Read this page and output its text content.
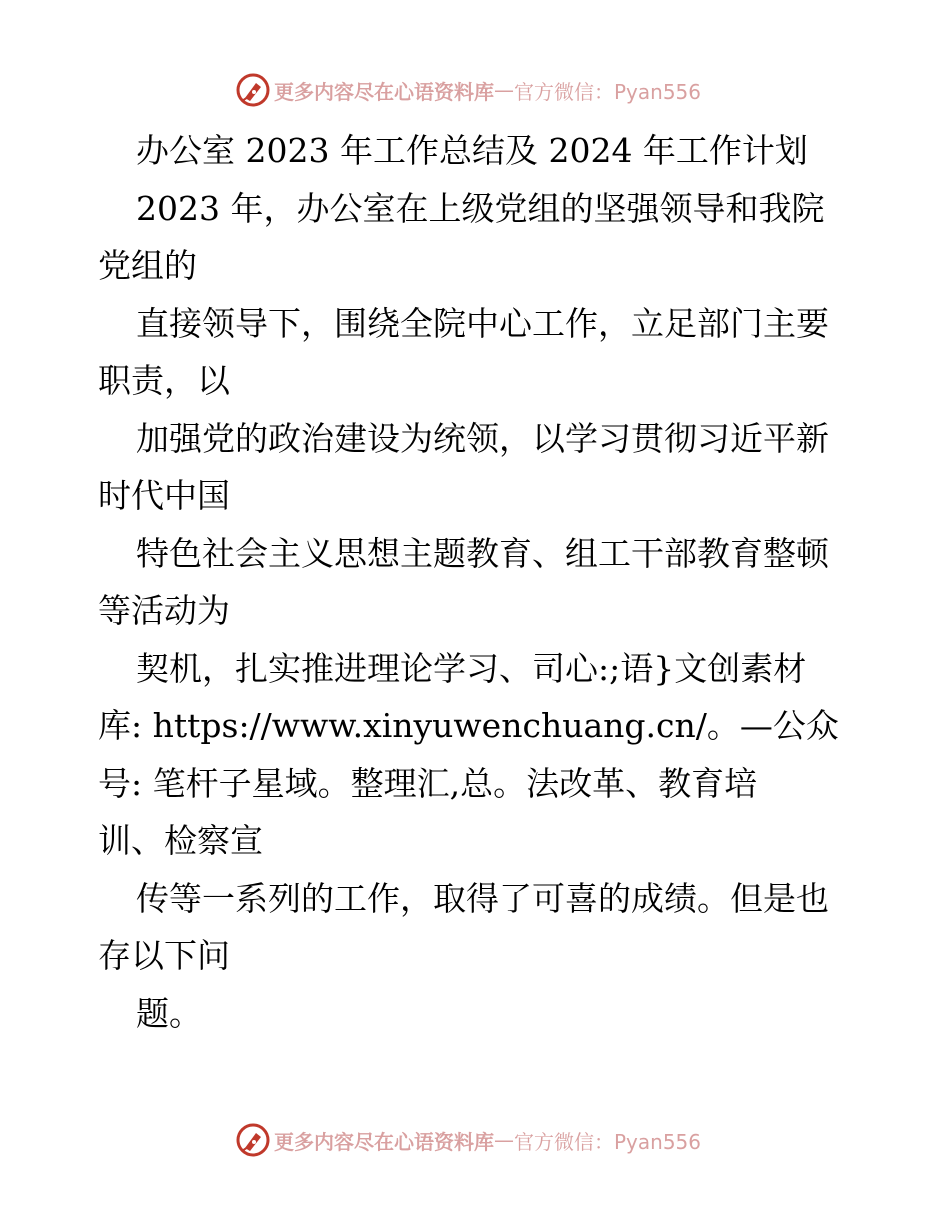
更多内容尽在心语资料库 — 官方微信：Pyan556
办公室 2023 年工作总结及 2024 年工作计划
2023 年，办公室在上级党组的坚强领导和我院
党组的
直接领导下，围绕全院中心工作，立足部门主要
职责，以
加强党的政治建设为统领，以学习贯彻习近平新
时代中国
特色社会主义思想主题教育、组工干部教育整顿
等活动为
契机，扎实推进理论学习、司心:;语}文创素材
库: https://www.xinyuwenchuang.cn/。—公众
号: 笔杆子星域。整理汇,总。法改革、教育培
训、检察宣
传等一系列的工作，取得了可喜的成绩。但是也
存以下问
题。
更多内容尽在心语资料库 — 官方微信：Pyan556
